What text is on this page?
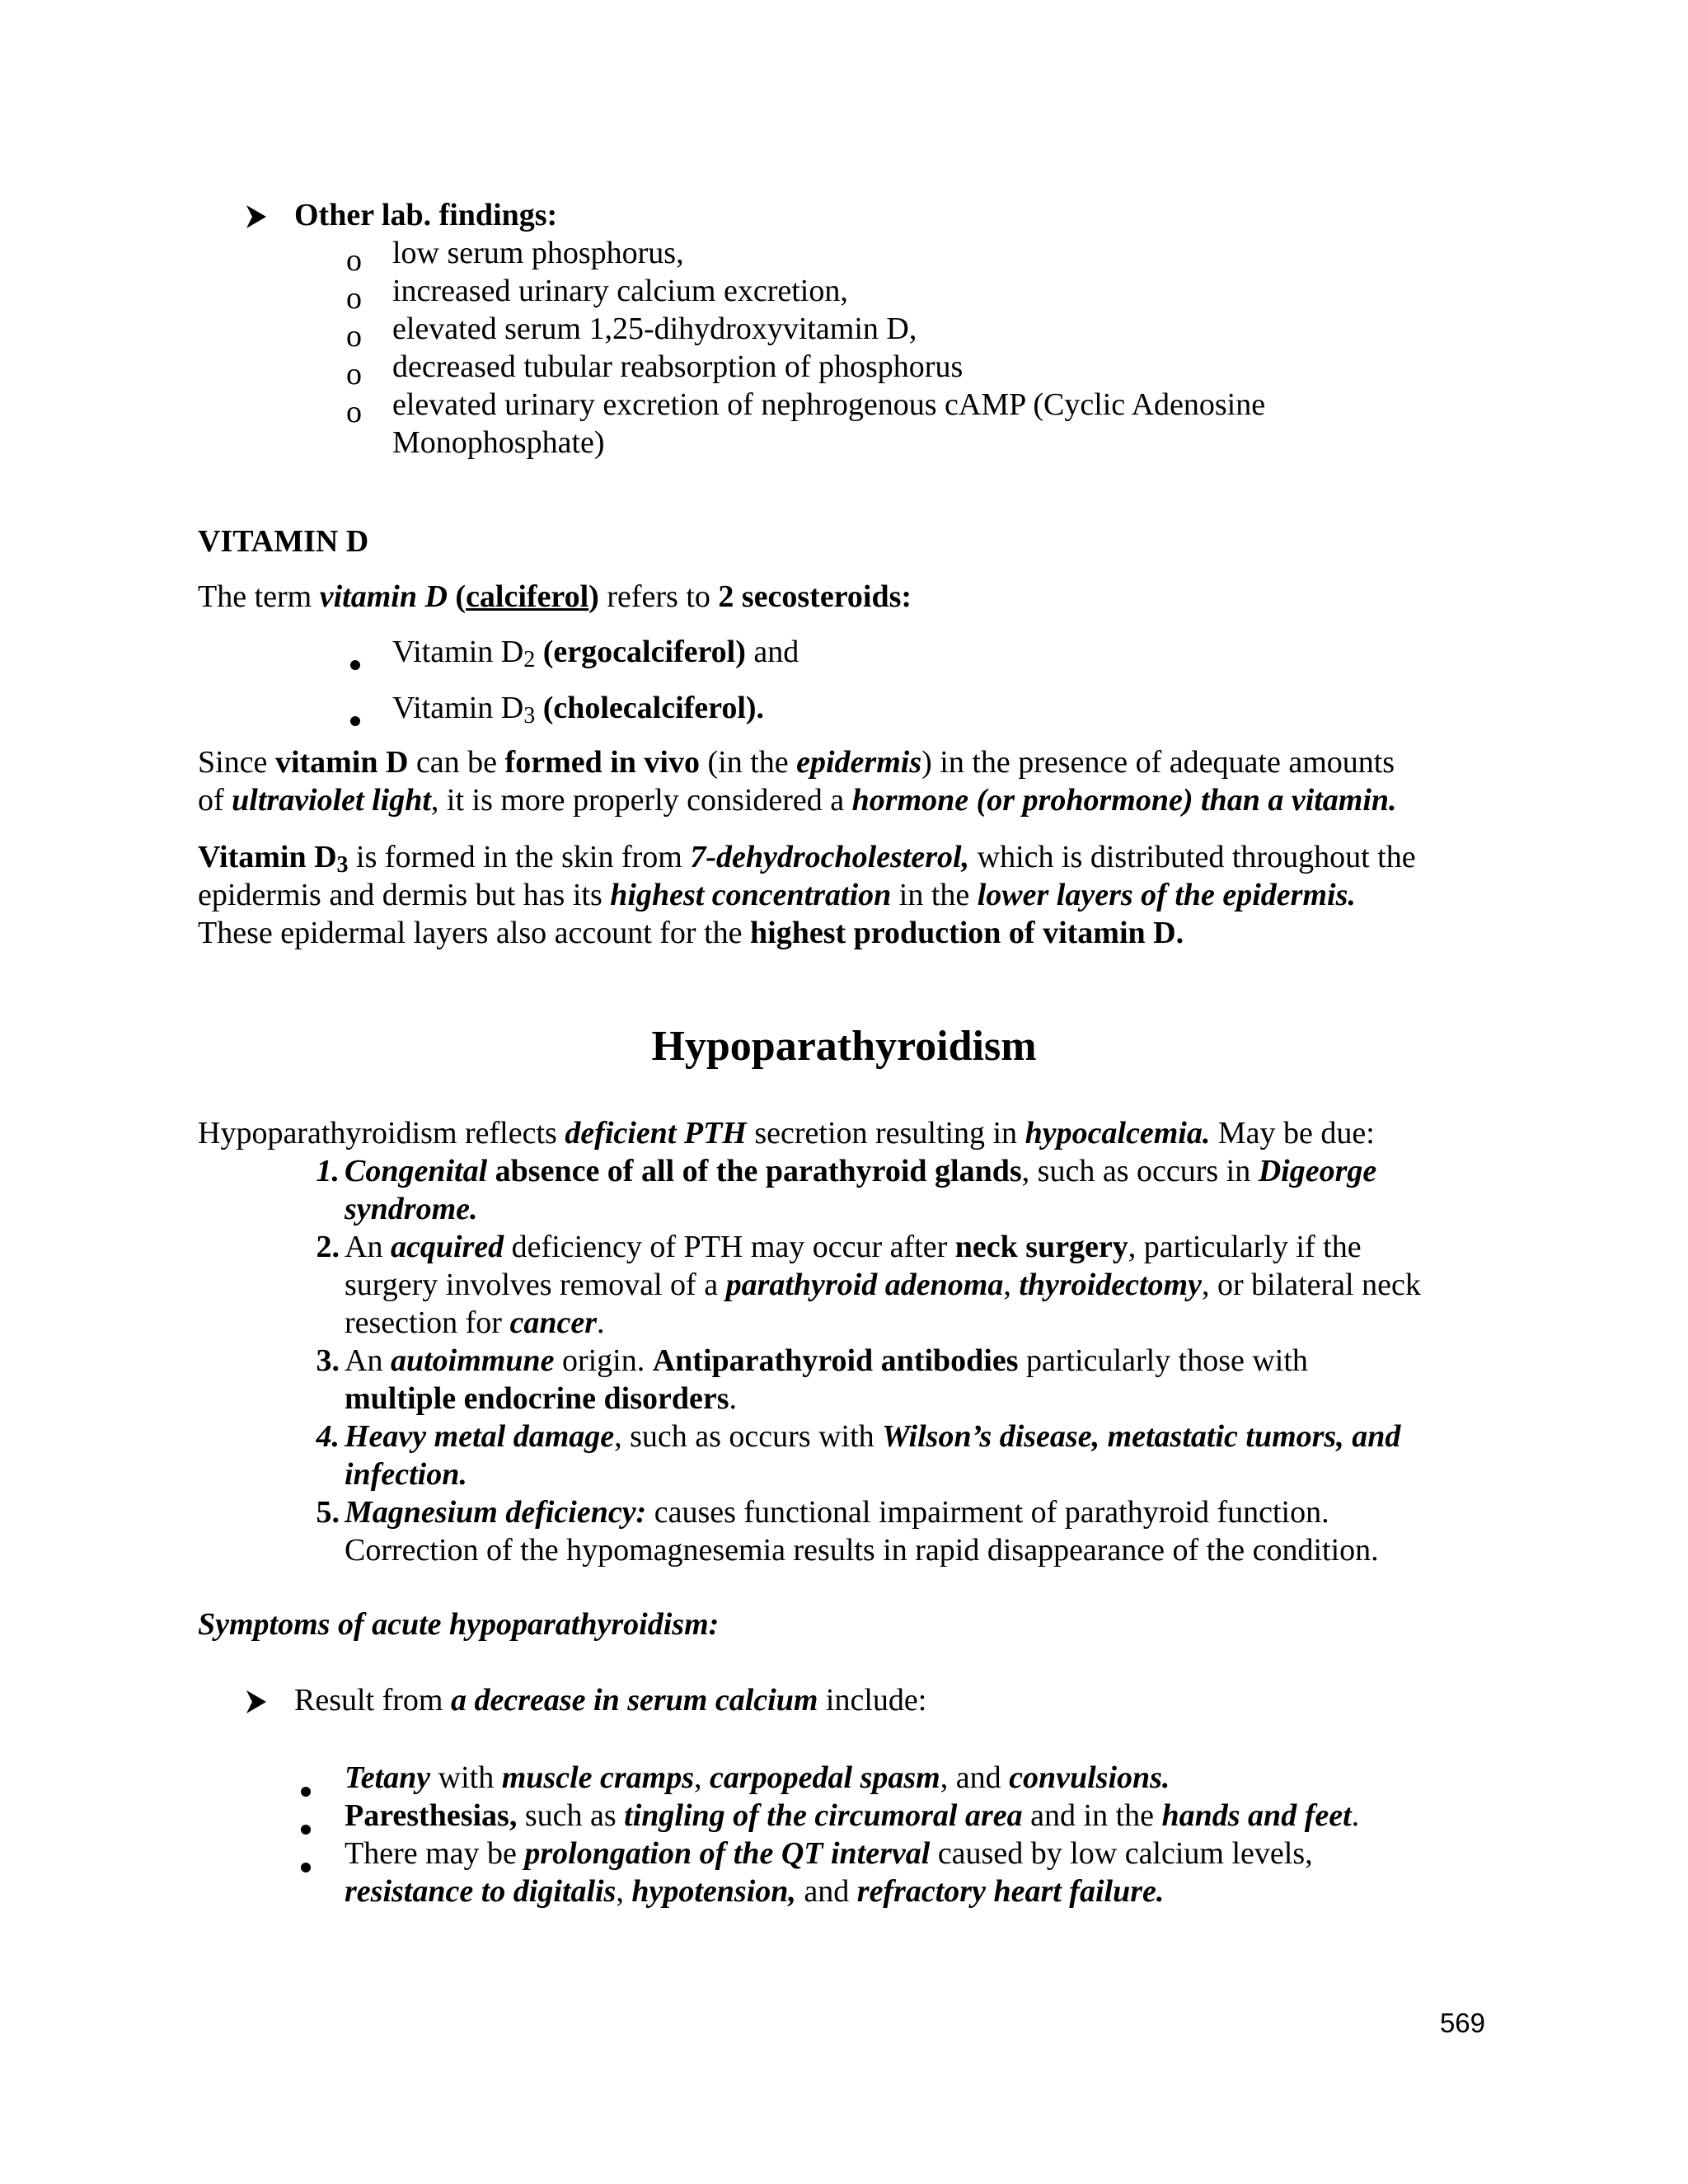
Other lab. findings:
o low serum phosphorus,
o increased urinary calcium excretion,
o elevated serum 1,25-dihydroxyvitamin D,
o decreased tubular reabsorption of phosphorus
o elevated urinary excretion of nephrogenous cAMP (Cyclic Adenosine
Monophosphate)
VITAMIN D
The term vitamin D (calciferol) refers to 2 secosteroids:
Vitamin $D_2$ (ergocalciferol) and
Vitamin $D_3$ (cholecalciferol).
Since vitamin D can be formed in vivo (in the epidermis) in the presence of adequate amounts
of ultraviolet light, it is more properly considered a hormone (or prohormone) than a vitamin.
Vitamin $D_3$ is formed in the skin from 7-dehydrocholesterol, which is distributed throughout the
epidermis and dermis but has its highest concentration in the lower layers of the epidermis.
These epidermal layers also account for the highest production of vitamin D.
Hypoparathyroidism
Hypoparathyroidism reflects deficient PTH secretion resulting in hypocalcemia. May be due:
1. Congenital absence of all of the parathyroid glands, such as occurs in Digeorge
syndrome.
2. An acquired deficiency of PTH may occur after neck surgery, particularly if the
surgery involves removal of a parathyroid adenoma, thyroidectomy, or bilateral neck
resection for cancer.
3. An autoimmune origin. Antiparathyroid antibodies particularly those with
multiple endocrine disorders.
4. Heavy metal damage, such as occurs with Wilson’s disease, metastatic tumors, and
infection.
5. Magnesium deficiency: causes functional impairment of parathyroid function.
Correction of the hypomagnesemia results in rapid disappearance of the condition.
Symptoms of acute hypoparathyroidism:
Result from a decrease in serum calcium include:
Tetany with muscle cramps, carpopedal spasm, and convulsions.
Paresthesias, such as tingling of the circumoral area and in the hands and feet.
There may be prolongation of the QT interval caused by low calcium levels,
resistance to digitalis, hypotension, and refractory heart failure.
569
